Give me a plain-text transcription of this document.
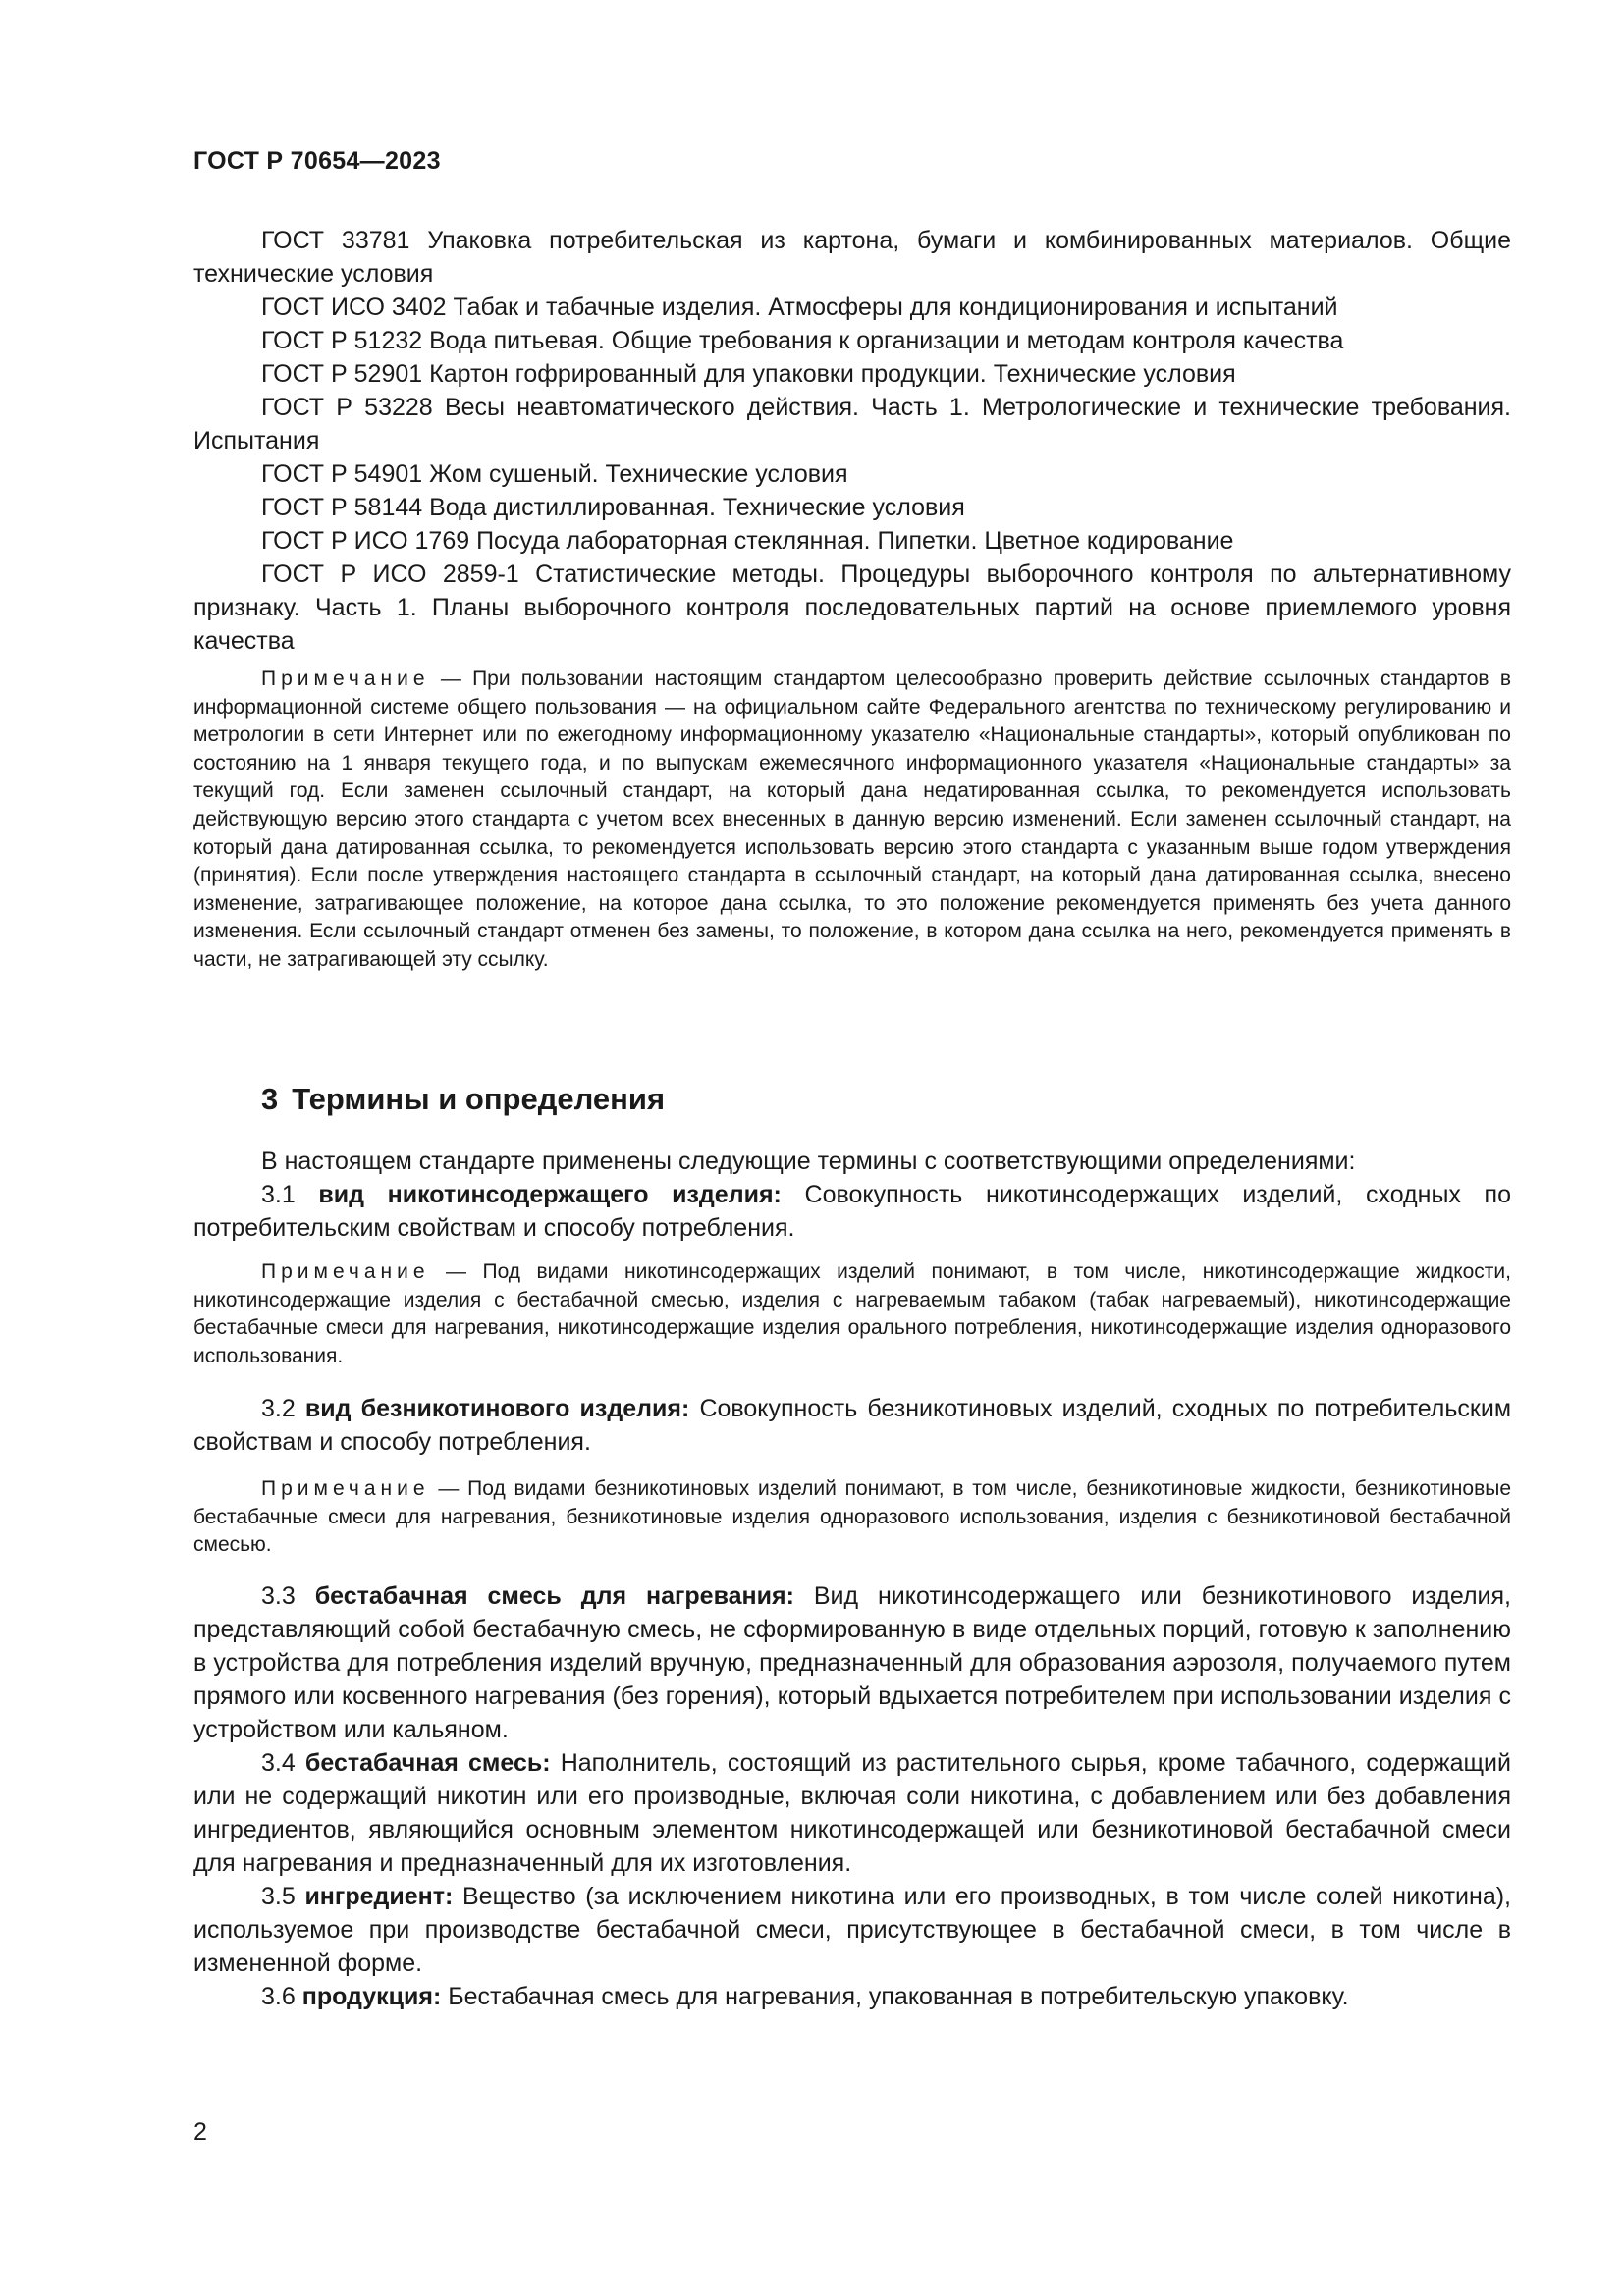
ГОСТ Р 70654—2023

ГОСТ 33781 Упаковка потребительская из картона, бумаги и комбинированных материалов. Общие технические условия

ГОСТ ИСО 3402 Табак и табачные изделия. Атмосферы для кондиционирования и испытаний

ГОСТ Р 51232 Вода питьевая. Общие требования к организации и методам контроля качества

ГОСТ Р 52901 Картон гофрированный для упаковки продукции. Технические условия

ГОСТ Р 53228 Весы неавтоматического действия. Часть 1. Метрологические и технические требования. Испытания

ГОСТ Р 54901 Жом сушеный. Технические условия

ГОСТ Р 58144 Вода дистиллированная. Технические условия

ГОСТ Р ИСО 1769 Посуда лабораторная стеклянная. Пипетки. Цветное кодирование

ГОСТ Р ИСО 2859-1 Статистические методы. Процедуры выборочного контроля по альтернативному признаку. Часть 1. Планы выборочного контроля последовательных партий на основе приемлемого уровня качества

Примечание — При пользовании настоящим стандартом целесообразно проверить действие ссылочных стандартов в информационной системе общего пользования — на официальном сайте Федерального агентства по техническому регулированию и метрологии в сети Интернет или по ежегодному информационному указателю «Национальные стандарты», который опубликован по состоянию на 1 января текущего года, и по выпускам ежемесячного информационного указателя «Национальные стандарты» за текущий год. Если заменен ссылочный стандарт, на который дана недатированная ссылка, то рекомендуется использовать действующую версию этого стандарта с учетом всех внесенных в данную версию изменений. Если заменен ссылочный стандарт, на который дана датированная ссылка, то рекомендуется использовать версию этого стандарта с указанным выше годом утверждения (принятия). Если после утверждения настоящего стандарта в ссылочный стандарт, на который дана датированная ссылка, внесено изменение, затрагивающее положение, на которое дана ссылка, то это положение рекомендуется применять без учета данного изменения. Если ссылочный стандарт отменен без замены, то положение, в котором дана ссылка на него, рекомендуется применять в части, не затрагивающей эту ссылку.

3 Термины и определения

В настоящем стандарте применены следующие термины с соответствующими определениями:

3.1 вид никотинсодержащего изделия: Совокупность никотинсодержащих изделий, сходных по потребительским свойствам и способу потребления.

Примечание — Под видами никотинсодержащих изделий понимают, в том числе, никотинсодержащие жидкости, никотинсодержащие изделия с бестабачной смесью, изделия с нагреваемым табаком (табак нагреваемый), никотинсодержащие бестабачные смеси для нагревания, никотинсодержащие изделия орального потребления, никотинсодержащие изделия одноразового использования.

3.2 вид безникотинового изделия: Совокупность безникотиновых изделий, сходных по потребительским свойствам и способу потребления.

Примечание — Под видами безникотиновых изделий понимают, в том числе, безникотиновые жидкости, безникотиновые бестабачные смеси для нагревания, безникотиновые изделия одноразового использования, изделия с безникотиновой бестабачной смесью.

3.3 бестабачная смесь для нагревания: Вид никотинсодержащего или безникотинового изделия, представляющий собой бестабачную смесь, не сформированную в виде отдельных порций, готовую к заполнению в устройства для потребления изделий вручную, предназначенный для образования аэрозоля, получаемого путем прямого или косвенного нагревания (без горения), который вдыхается потребителем при использовании изделия с устройством или кальяном.

3.4 бестабачная смесь: Наполнитель, состоящий из растительного сырья, кроме табачного, содержащий или не содержащий никотин или его производные, включая соли никотина, с добавлением или без добавления ингредиентов, являющийся основным элементом никотинсодержащей или безникотиновой бестабачной смеси для нагревания и предназначенный для их изготовления.

3.5 ингредиент: Вещество (за исключением никотина или его производных, в том числе солей никотина), используемое при производстве бестабачной смеси, присутствующее в бестабачной смеси, в том числе в измененной форме.

3.6 продукция: Бестабачная смесь для нагревания, упакованная в потребительскую упаковку.

2
